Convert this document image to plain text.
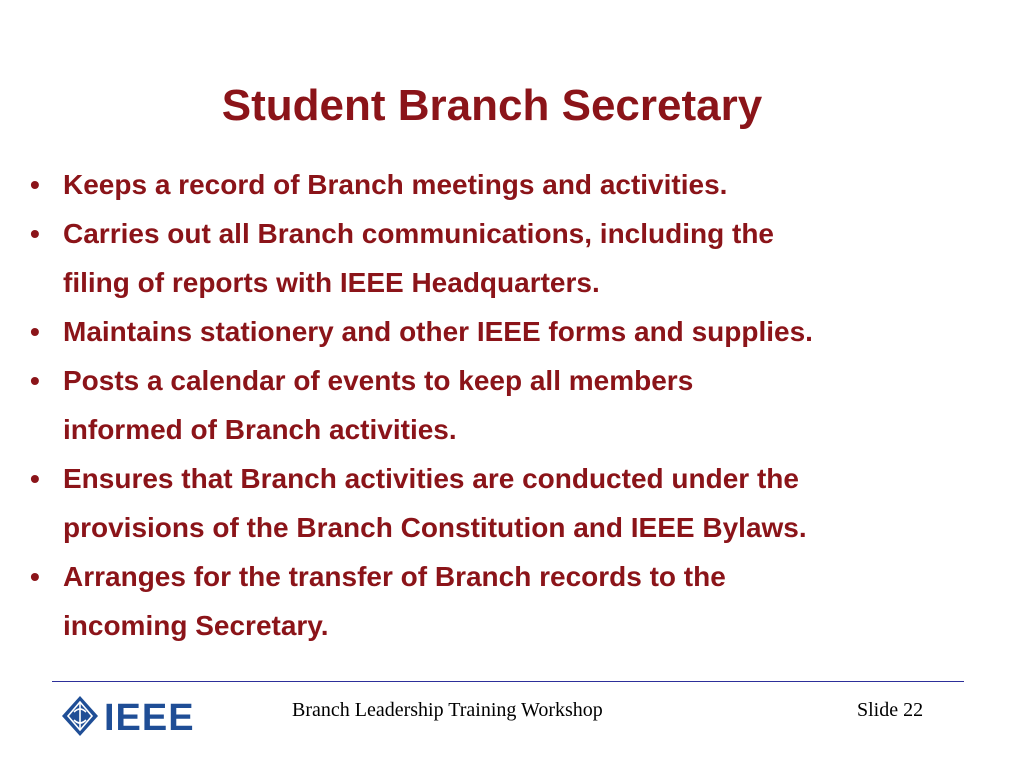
Student Branch Secretary
• Keeps a record of Branch meetings and activities.
• Carries out all Branch communications, including the
filing of reports with IEEE Headquarters.
• Maintains stationery and other IEEE forms and supplies.
• Posts a calendar of events to keep all members
informed of Branch activities.
• Ensures that Branch activities are conducted under the
provisions of the Branch Constitution and IEEE Bylaws.
• Arranges for the transfer of Branch records to the
incoming Secretary.
IEEE	Branch Leadership Training Workshop	Slide 22
